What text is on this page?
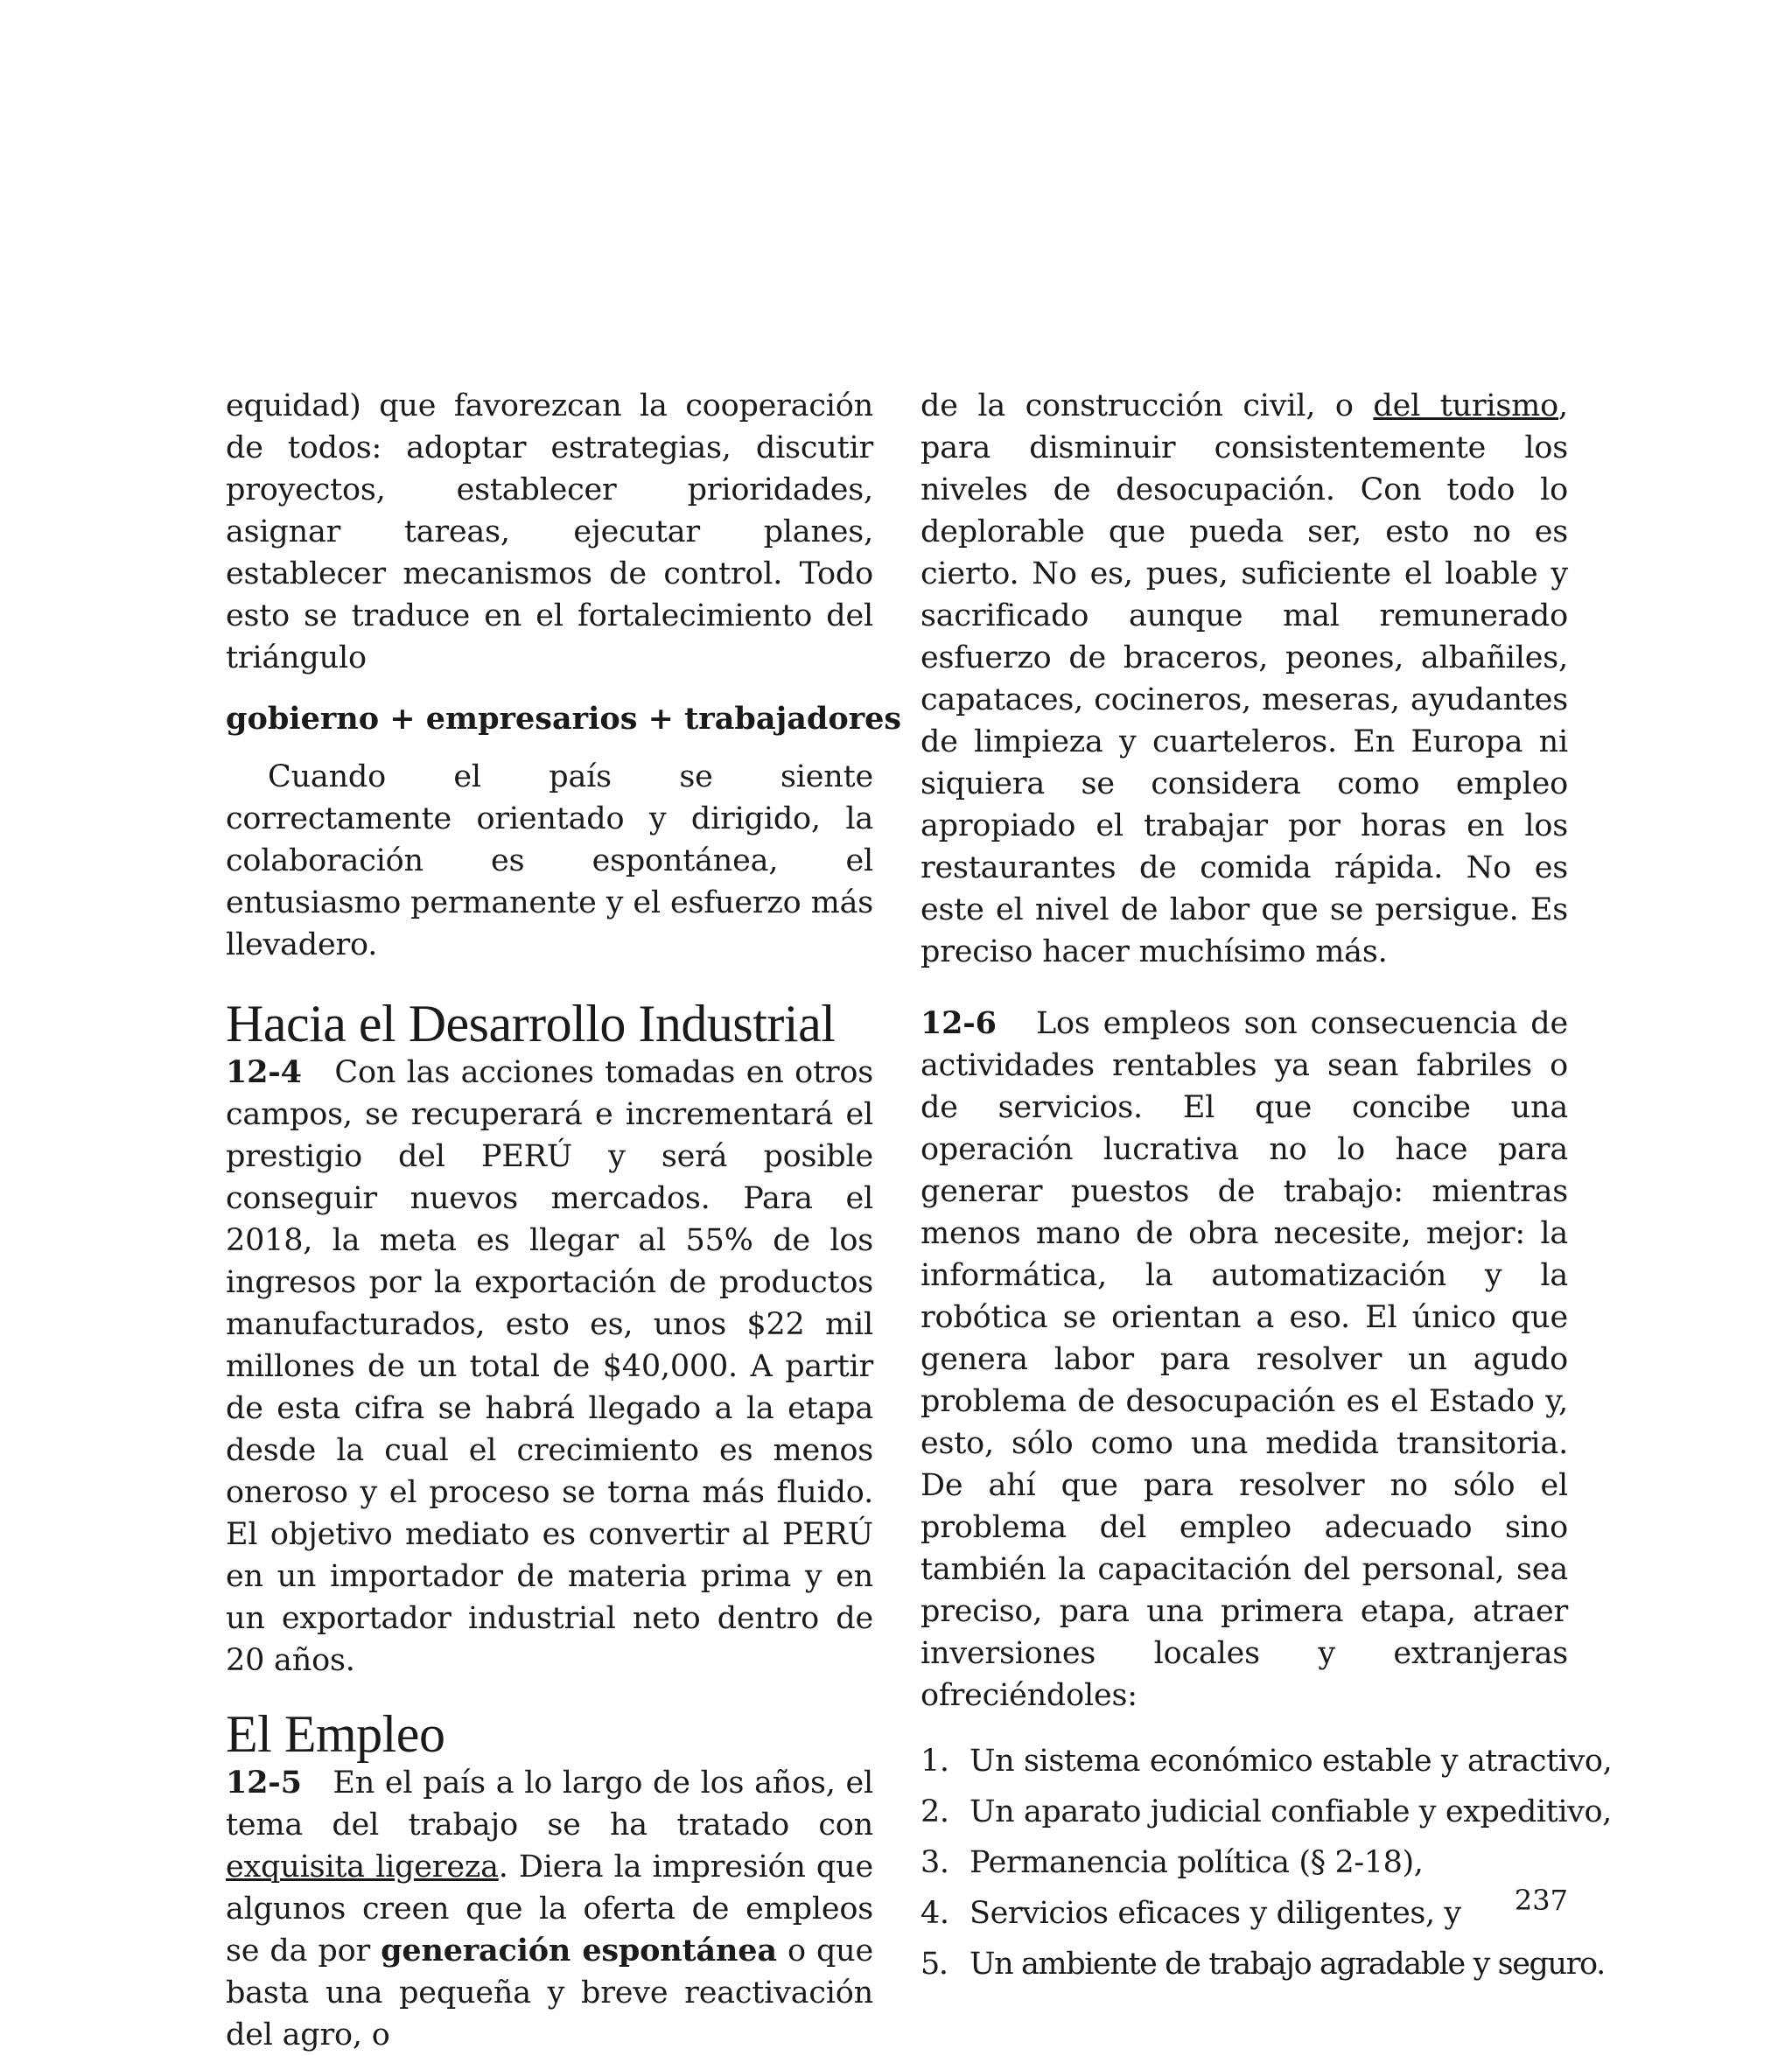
equidad) que favorezcan la cooperación de todos: adoptar estrategias, discutir proyectos, establecer prioridades, asignar tareas, ejecutar planes, establecer mecanismos de control. Todo esto se traduce en el fortalecimiento del triángulo

gobierno + empresarios + trabajadores

Cuando el país se siente correctamente orientado y dirigido, la colaboración es espontánea, el entusiasmo permanente y el esfuerzo más llevadero.

Hacia el Desarrollo Industrial

12-4 Con las acciones tomadas en otros campos, se recuperará e incrementará el prestigio del PERÚ y será posible conseguir nuevos mercados. Para el 2018, la meta es llegar al 55% de los ingresos por la exportación de productos manufacturados, esto es, unos $22 mil millones de un total de $40,000. A partir de esta cifra se habrá llegado a la etapa desde la cual el crecimiento es menos oneroso y el proceso se torna más fluido. El objetivo mediato es convertir al PERÚ en un importador de materia prima y en un exportador industrial neto dentro de 20 años.

El Empleo

12-5 En el país a lo largo de los años, el tema del trabajo se ha tratado con exquisita ligereza. Diera la impresión que algunos creen que la oferta de empleos se da por generación espontánea o que basta una pequeña y breve reactivación del agro, o

de la construcción civil, o del turismo, para disminuir consistentemente los niveles de desocupación. Con todo lo deplorable que pueda ser, esto no es cierto. No es, pues, suficiente el loable y sacrificado aunque mal remunerado esfuerzo de braceros, peones, albañiles, capataces, cocineros, meseras, ayudantes de limpieza y cuarteleros. En Europa ni siquiera se considera como empleo apropiado el trabajar por horas en los restaurantes de comida rápida. No es este el nivel de labor que se persigue. Es preciso hacer muchísimo más.

12-6 Los empleos son consecuencia de actividades rentables ya sean fabriles o de servicios. El que concibe una operación lucrativa no lo hace para generar puestos de trabajo: mientras menos mano de obra necesite, mejor: la informática, la automatización y la robótica se orientan a eso. El único que genera labor para resolver un agudo problema de desocupación es el Estado y, esto, sólo como una medida transitoria. De ahí que para resolver no sólo el problema del empleo adecuado sino también la capacitación del personal, sea preciso, para una primera etapa, atraer inversiones locales y extranjeras ofreciéndoles:

1. Un sistema económico estable y atractivo,
2. Un aparato judicial confiable y expeditivo,
3. Permanencia política (§ 2-18),
4. Servicios eficaces y diligentes, y
5. Un ambiente de trabajo agradable y seguro.
237
